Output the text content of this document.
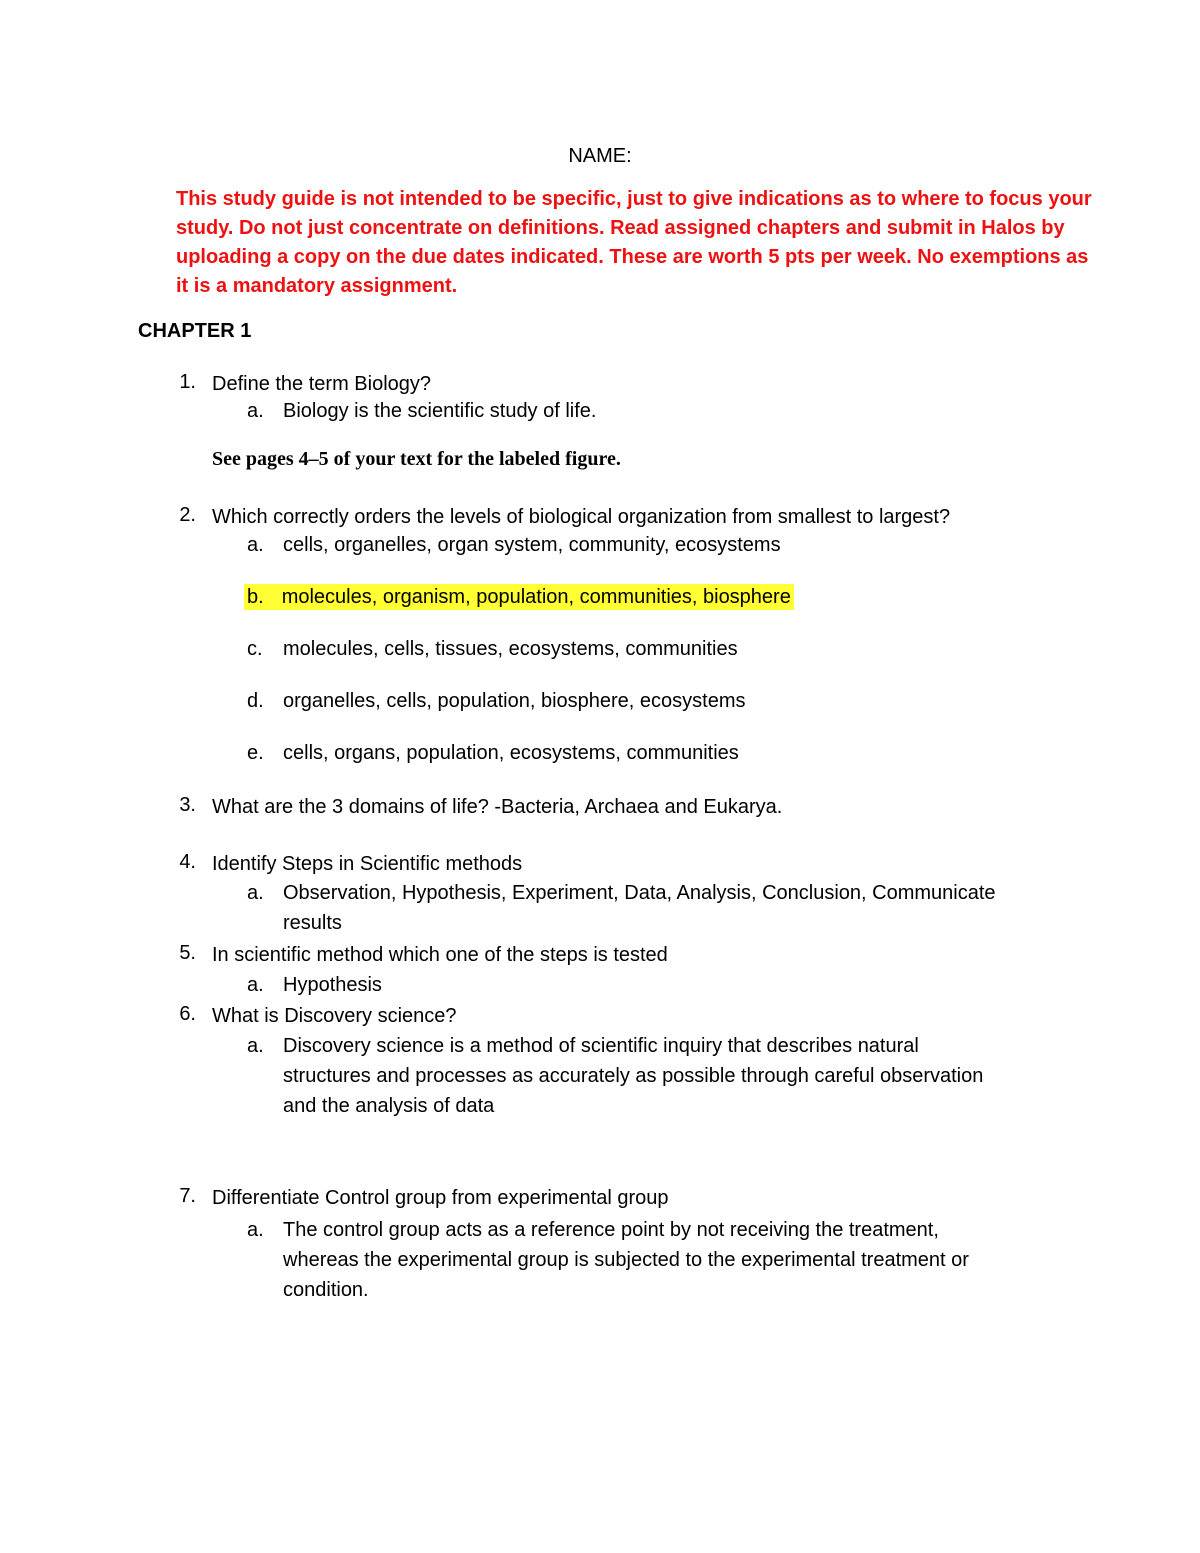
NAME:
This study guide is not intended to be specific, just to give indications as to where to focus your
study. Do not just concentrate on definitions. Read assigned chapters and submit in Halos by
uploading a copy on the due dates indicated. These are worth 5 pts per week. No exemptions as
it is a mandatory assignment.
CHAPTER 1
1. Define the term Biology?
a. Biology is the scientific study of life.
See pages 4–5 of your text for the labeled figure.
2. Which correctly orders the levels of biological organization from smallest to largest?
a. cells, organelles, organ system, community, ecosystems
b. molecules, organism, population, communities, biosphere
c.	molecules, cells, tissues, ecosystems, communities
d. organelles, cells, population, biosphere, ecosystems
e. cells, organs, population, ecosystems, communities
3. What are the 3 domains of life? -Bacteria, Archaea and Eukarya.
4. Identify Steps in Scientific methods
a. Observation, Hypothesis, Experiment, Data, Analysis, Conclusion, Communicate
results
5. In scientific method which one of the steps is tested
a. Hypothesis
6. What is Discovery science?
a. Discovery science is a method of scientific inquiry that describes natural
structures and processes as accurately as possible through careful observation
and the analysis of data
7. Differentiate Control group from experimental group
a. The control group acts as a reference point by not receiving the treatment,
whereas the experimental group is subjected to the experimental treatment or
condition.
